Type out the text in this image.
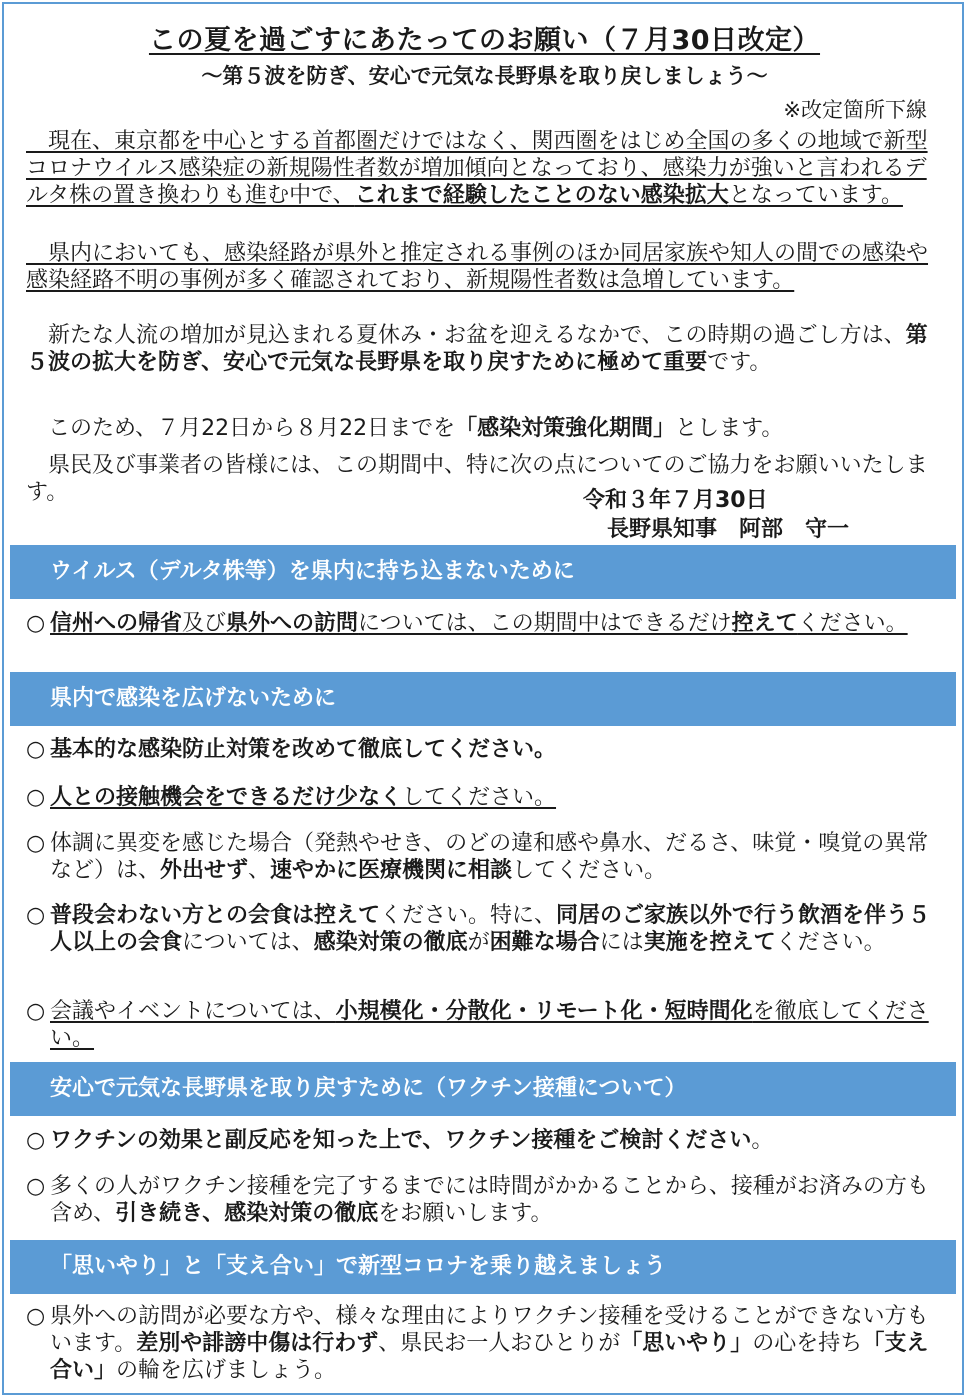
この夏を過ごすにあたってのお願い（７月30日改定）
～第５波を防ぎ、安心で元気な長野県を取り戻しましょう～
※改定箇所下線

　現在、東京都を中心とする首都圏だけではなく、関西圏をはじめ全国の多くの地域で新型コロナウイルス感染症の新規陽性者数が増加傾向となっており、感染力が強いと言われるデルタ株の置き換わりも進む中で、これまで経験したことのない感染拡大となっています。

　県内においても、感染経路が県外と推定される事例のほか同居家族や知人の間での感染や感染経路不明の事例が多く確認されており、新規陽性者数は急増しています。

　新たな人流の増加が見込まれる夏休み・お盆を迎えるなかで、この時期の過ごし方は、第５波の拡大を防ぎ、安心で元気な長野県を取り戻すために極めて重要です。

　このため、７月22日から８月22日までを「感染対策強化期間」とします。

　県民及び事業者の皆様には、この期間中、特に次の点についてのご協力をお願いいたします。	令和３年７月30日
長野県知事　阿部　守一
ウイルス（デルタ株等）を県内に持ち込まないために

○ 信州への帰省及び県外への訪問については、この期間中はできるだけ控えてください。

県内で感染を広げないために

○ 基本的な感染防止対策を改めて徹底してください。

○ 人との接触機会をできるだけ少なくしてください。

○ 体調に異変を感じた場合（発熱やせき、のどの違和感や鼻水、だるさ、味覚・嗅覚の異常など）は、外出せず、速やかに医療機関に相談してください。

○ 普段会わない方との会食は控えてください。特に、同居のご家族以外で行う飲酒を伴う５人以上の会食については、感染対策の徹底が困難な場合には実施を控えてください。

○ 会議やイベントについては、小規模化・分散化・リモート化・短時間化を徹底してください。

安心で元気な長野県を取り戻すために（ワクチン接種について）

○ ワクチンの効果と副反応を知った上で、ワクチン接種をご検討ください。

○ 多くの人がワクチン接種を完了するまでには時間がかかることから、接種がお済みの方も含め、引き続き、感染対策の徹底をお願いします。

「思いやり」と「支え合い」で新型コロナを乗り越えましょう

○ 県外への訪問が必要な方や、様々な理由によりワクチン接種を受けることができない方もいます。差別や誹謗中傷は行わず、県民お一人おひとりが「思いやり」の心を持ち「支え合い」の輪を広げましょう。
